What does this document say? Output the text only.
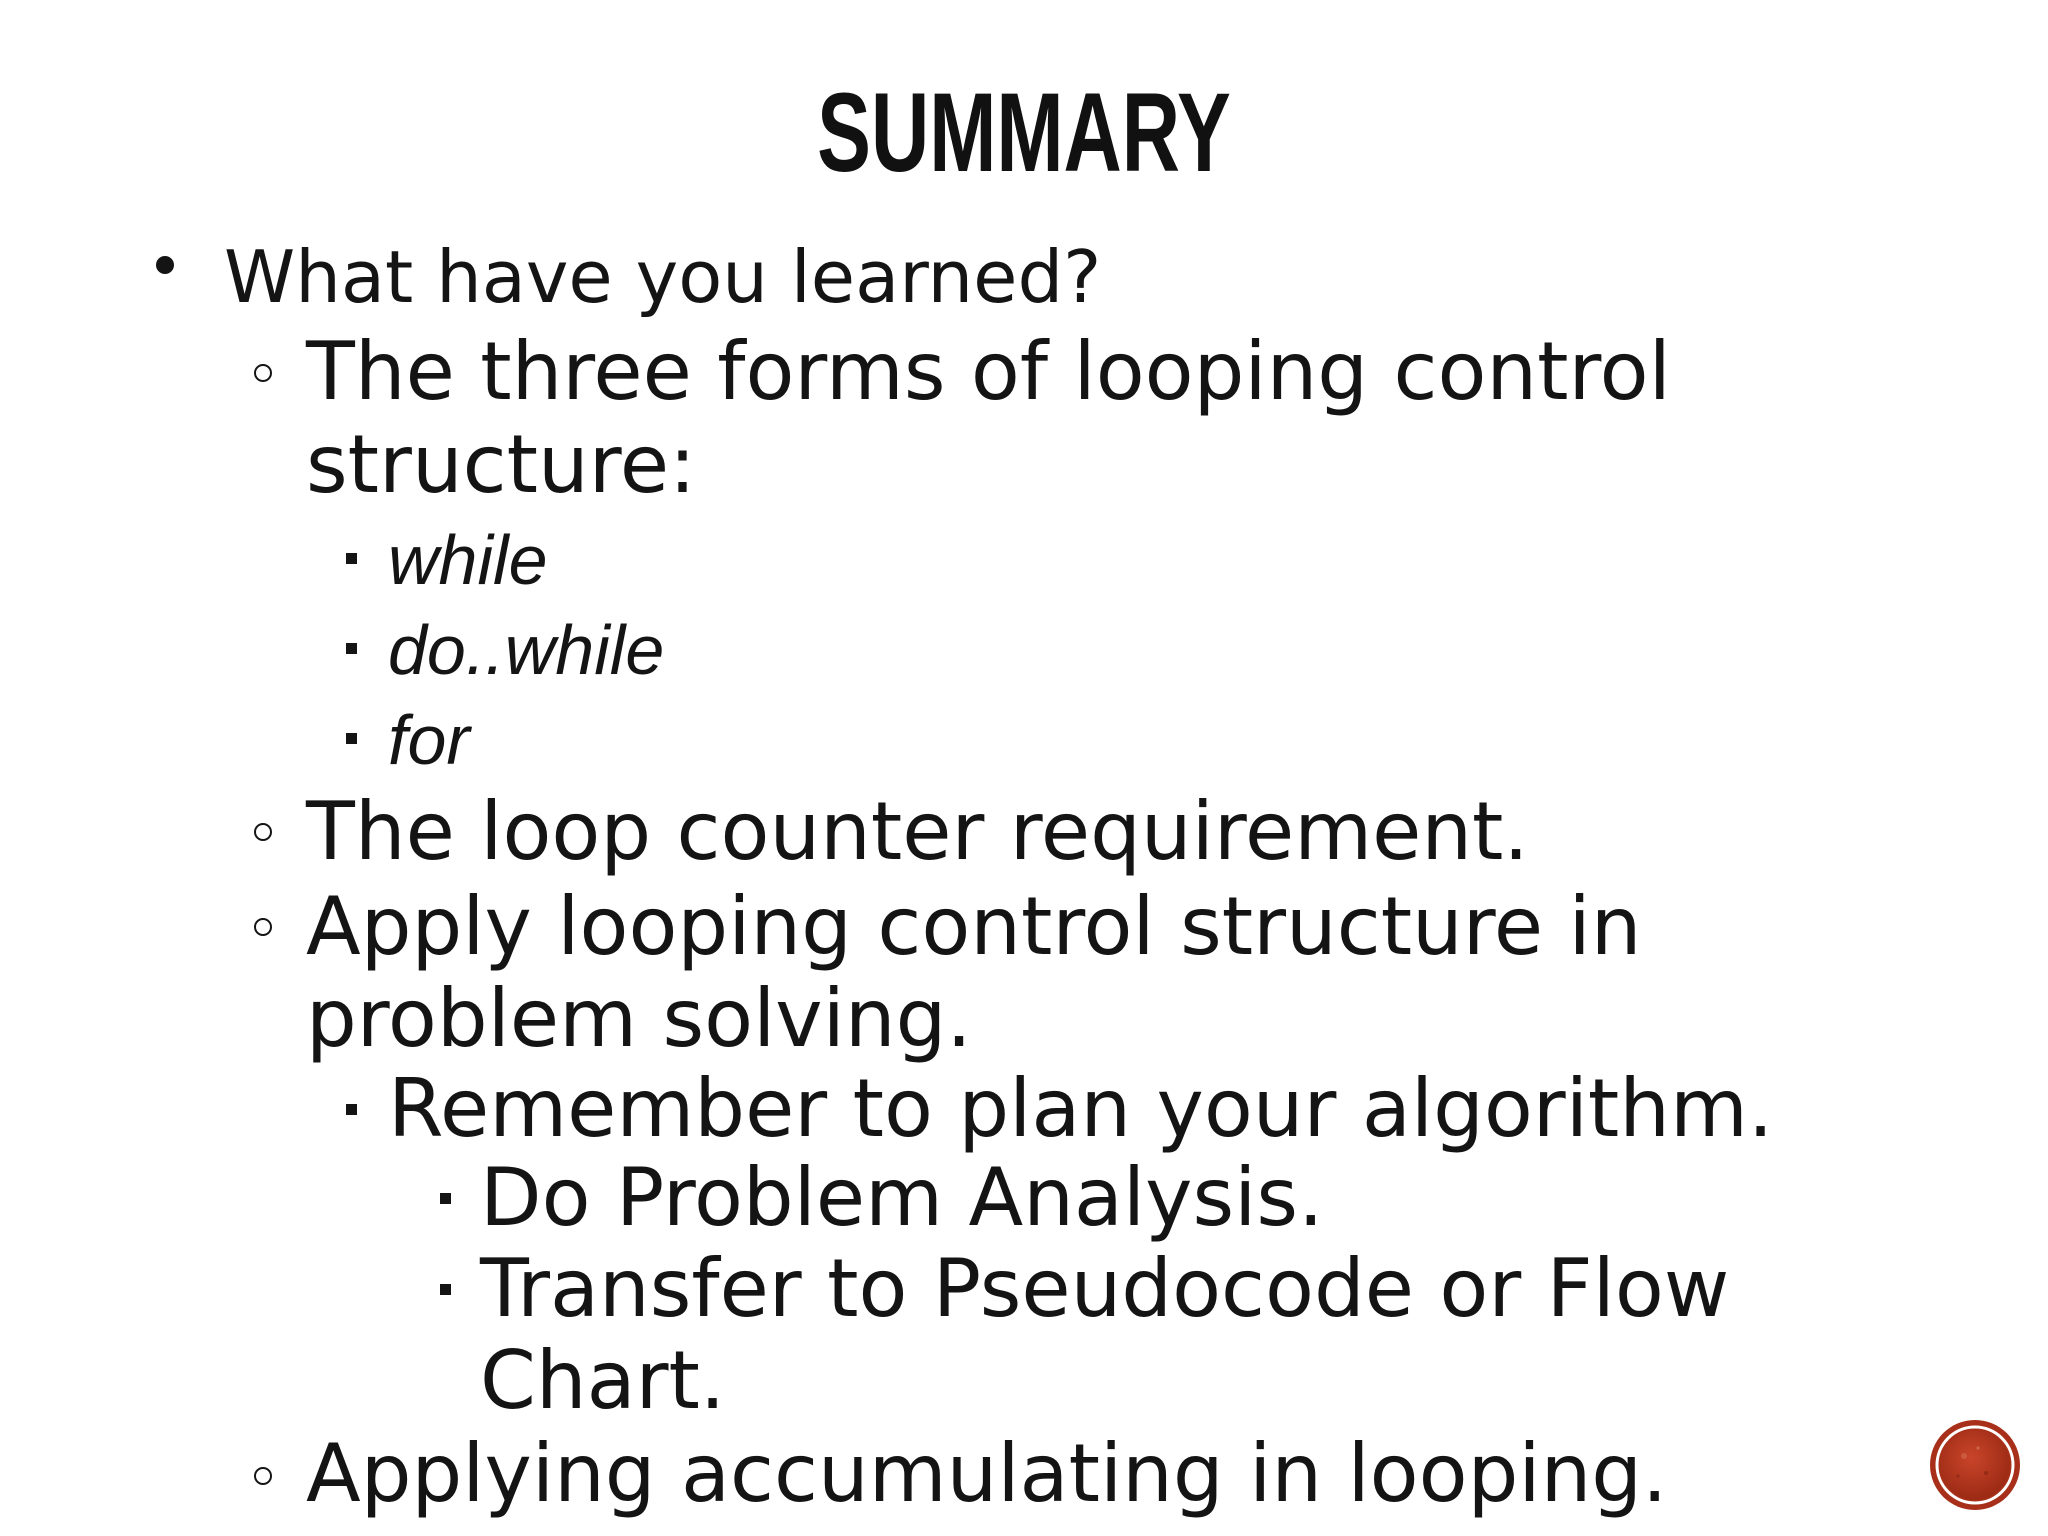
SUMMARY
What have you learned?
The three forms of looping control
structure:
while
do..while
for
The loop counter requirement.
Apply looping control structure in
problem solving.
Remember to plan your algorithm.
Do Problem Analysis.
Transfer to Pseudocode or Flow
Chart.
Applying accumulating in looping.
